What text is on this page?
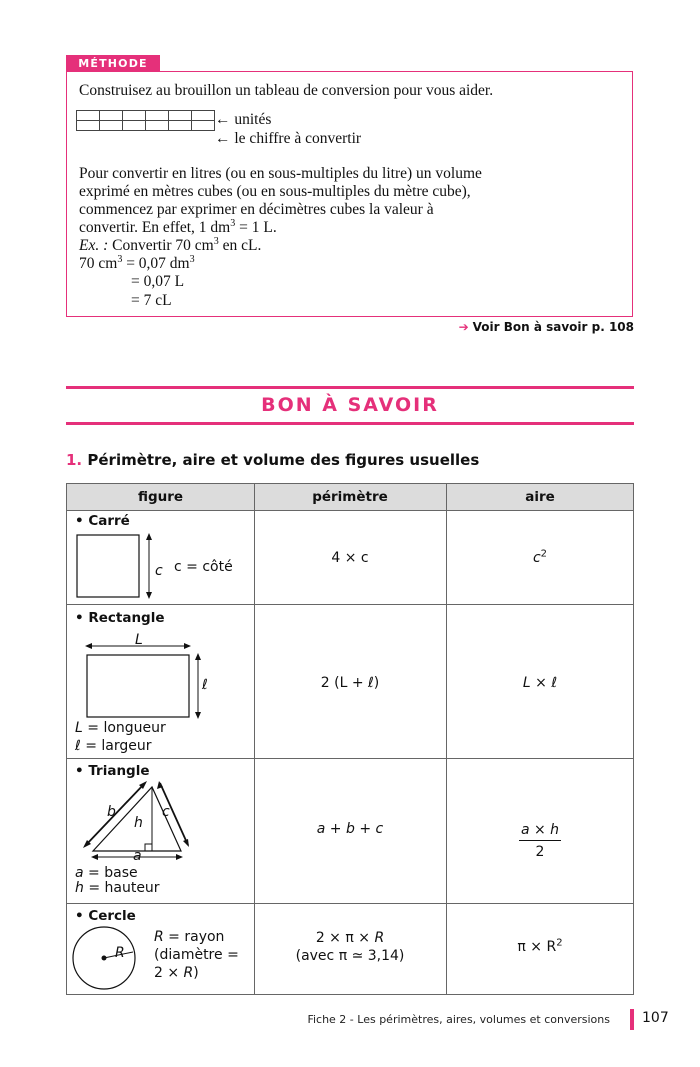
MÉTHODE
Construisez au brouillon un tableau de conversion pour vous aider.

← unités
← le chiffre à convertir
Pour convertir en litres (ou en sous-multiples du litre) un volume
exprimé en mètres cubes (ou en sous-multiples du mètre cube),
commencez par exprimer en décimètres cubes la valeur à
convertir. En effet, 1 $dm^3 = 1$ L.
Ex. : Convertir 70 $cm^3$ en cL.
70 $cm^3 = 0,07$ $dm^3$
= 0,07 L
= 7 cL
➔ Voir Bon à savoir p. 108
BON À SAVOIR
1. Périmètre, aire et volume des figures usuelles
figure	périmètre	aire
• Carré
c c = côté
4 × c	$c^2$
• Rectangle
L
ℓ
L = longueur
ℓ = largeur
2 (L + ℓ)	L × ℓ
• Triangle
b	c
h
a
a = base
h = hauteur
a + b + c	$\frac{a \times h}{2}$
• Cercle
R
R = rayon
(diamètre =
2 × R)
2 × π × R
(avec π ≃ 3,14)
$\pi \times R^2$
Fiche 2 - Les périmètres, aires, volumes et conversions 107
